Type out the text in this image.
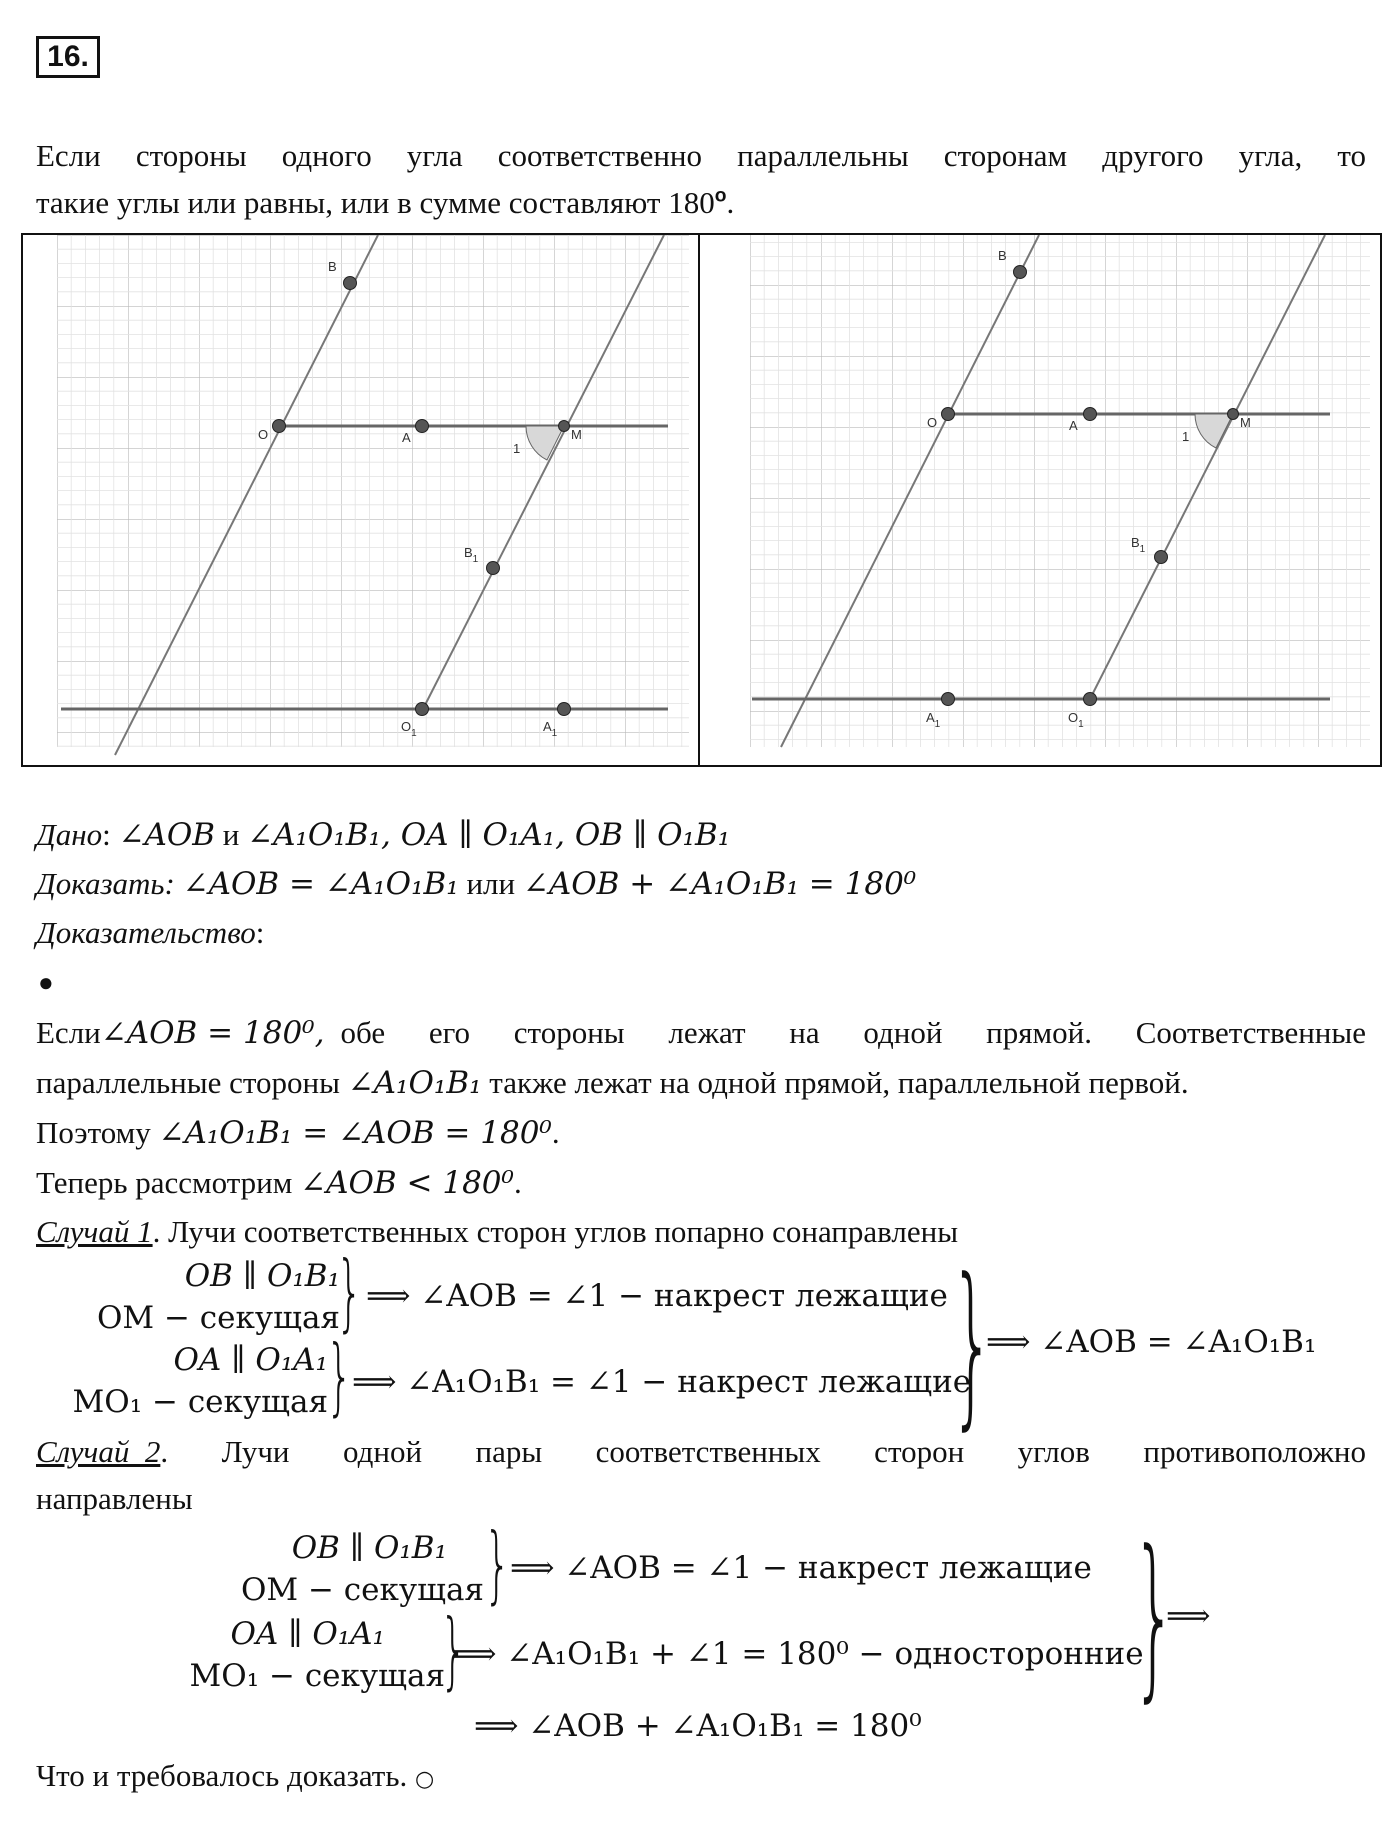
16.
Если стороны одного угла соответственно параллельны сторонам другого угла, то
такие углы или равны, или в сумме составляют 180$^o$.
B
O	A	M
1
$B_1$
$O_1$	$A_1$
B
O	A	M
1
$B_1$
$A_1$	$O_1$
Дано: ∠AOB и ∠A₁O₁B₁, OA ∥ O₁A₁, OB ∥ O₁B₁
Доказать: ∠AOB = ∠A₁O₁B₁ или ∠AOB + ∠A₁O₁B₁ = 180⁰
Доказательство:
●
Если ∠AOB = 180⁰, обе его стороны лежат на одной прямой. Соответственные
параллельные стороны ∠A₁O₁B₁ также лежат на одной прямой, параллельной первой.
Поэтому ∠A₁O₁B₁ = ∠AOB = 180⁰.
Теперь рассмотрим ∠AOB < 180⁰.
Случай 1. Лучи соответственных сторон углов попарно сонаправлены
OB ∥ O₁B₁
OM − секущая
} ⟹ ∠AOB = ∠1 − накрест лежащие
OA ∥ O₁A₁
MO₁ − секущая
} ⟹ ∠A₁O₁B₁ = ∠1 − накрест лежащие
}
⟹ ∠AOB = ∠A₁O₁B₁
Случай  2 . Лучи одной пары соответственных сторон углов противоположно
направлены
OB ∥ O₁B₁
OM − секущая } ⟹ ∠AOB = ∠1 − накрест лежащие
OA ∥ O₁A₁
MO₁ − секущая
}
⟹ ∠A₁O₁B₁ + ∠1 = 180⁰ − односторонние
}
⟹
⟹ ∠AOB + ∠A₁O₁B₁ = 180⁰
Что и требовалось доказать. ○
